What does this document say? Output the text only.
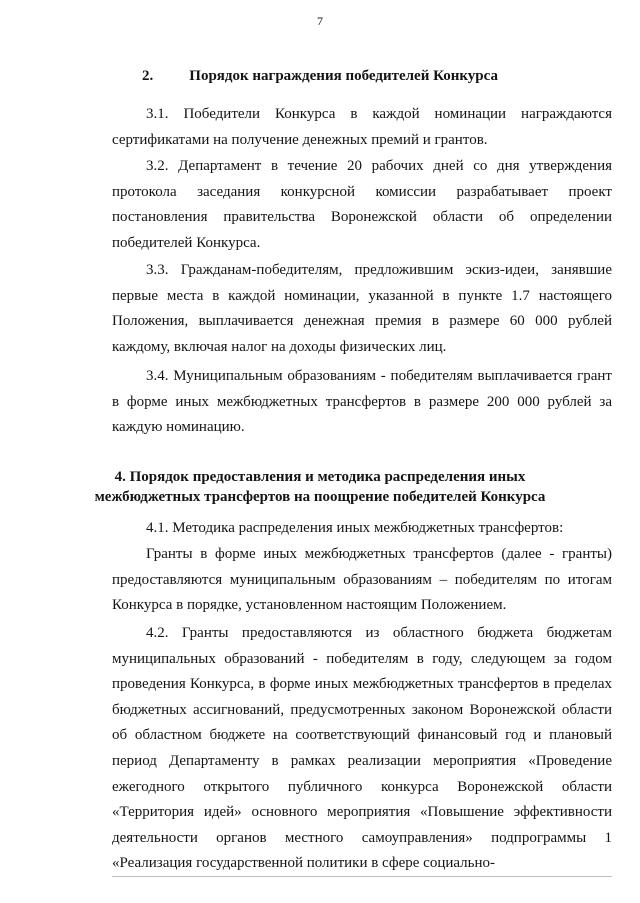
7
2. Порядок награждения победителей Конкурса

3.1. Победители Конкурса в каждой номинации награждаются сертификатами на получение денежных премий и грантов.

3.2. Департамент в течение 20 рабочих дней со дня утверждения протокола заседания конкурсной комиссии разрабатывает проект постановления правительства Воронежской области об определении победителей Конкурса.

3.3. Гражданам-победителям, предложившим эскиз-идеи, занявшие первые места в каждой номинации, указанной в пункте 1.7 настоящего Положения, выплачивается денежная премия в размере 60 000 рублей каждому, включая налог на доходы физических лиц.

3.4. Муниципальным образованиям - победителям выплачивается грант в форме иных межбюджетных трансфертов в размере 200 000 рублей за каждую номинацию.

4. Порядок предоставления и методика распределения иных
межбюджетных трансфертов на поощрение победителей Конкурса

4.1. Методика распределения иных межбюджетных трансфертов:

Гранты в форме иных межбюджетных трансфертов (далее - гранты) предоставляются муниципальным образованиям – победителям по итогам Конкурса в порядке, установленном настоящим Положением.

4.2. Гранты предоставляются из областного бюджета бюджетам муниципальных образований - победителям в году, следующем за годом проведения Конкурса, в форме иных межбюджетных трансфертов в пределах бюджетных ассигнований, предусмотренных законом Воронежской области об областном бюджете на соответствующий финансовый год и плановый период Департаменту в рамках реализации мероприятия «Проведение ежегодного открытого публичного конкурса Воронежской области «Территория идей» основного мероприятия «Повышение эффективности деятельности органов местного самоуправления» подпрограммы 1 «Реализация государственной политики в сфере социально-
